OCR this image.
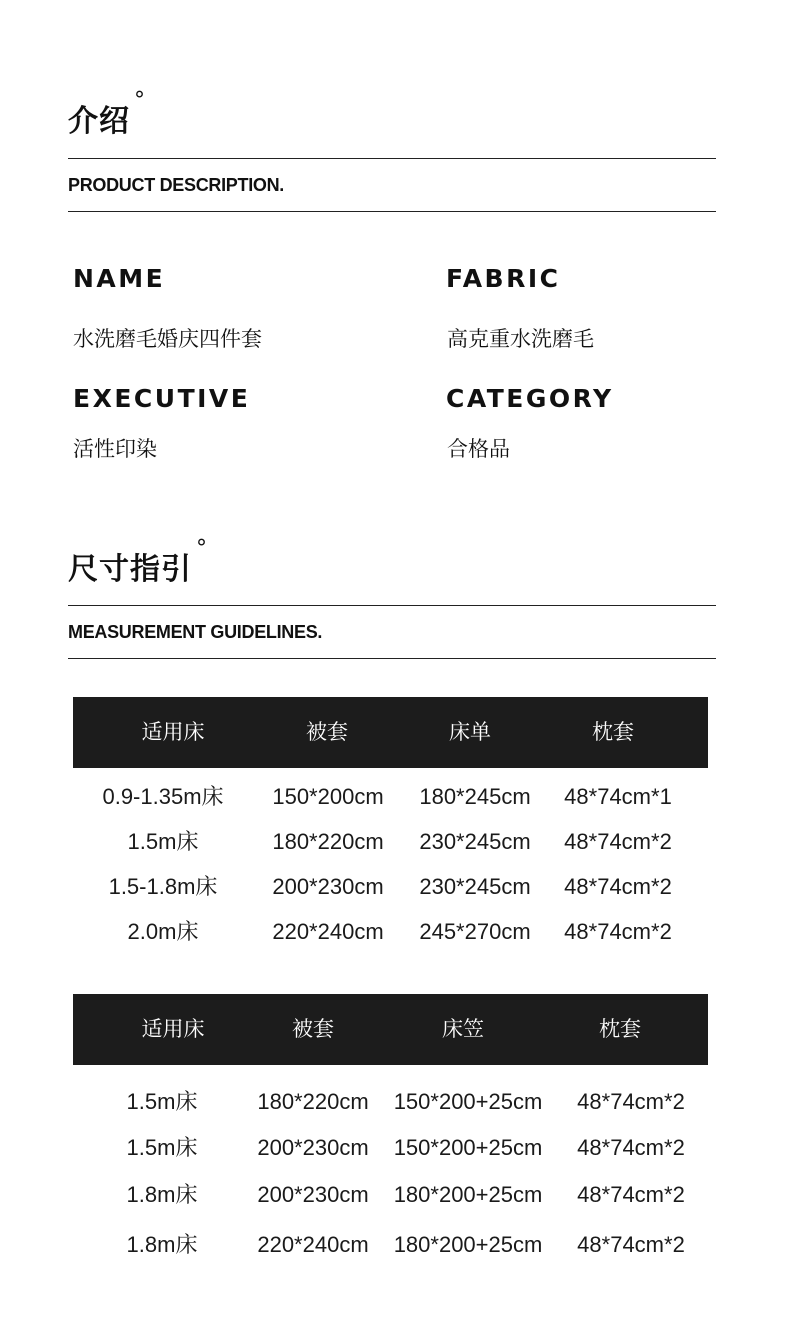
介绍°
PRODUCT DESCRIPTION.
NAME
水洗磨毛婚庆四件套
FABRIC
高克重水洗磨毛
EXECUTIVE
活性印染
CATEGORY
合格品
尺寸指引°
MEASUREMENT GUIDELINES.
适用床	被套	床单	枕套
0.9-1.35m床	150*200cm	180*245cm	48*74cm*1
1.5m床	180*220cm	230*245cm	48*74cm*2
1.5-1.8m床	200*230cm	230*245cm	48*74cm*2
2.0m床	220*240cm	245*270cm	48*74cm*2
适用床	被套	床笠	枕套
1.5m床	180*220cm	150*200+25cm	48*74cm*2
1.5m床	200*230cm	150*200+25cm	48*74cm*2
1.8m床	200*230cm	180*200+25cm	48*74cm*2
1.8m床	220*240cm	180*200+25cm	48*74cm*2
